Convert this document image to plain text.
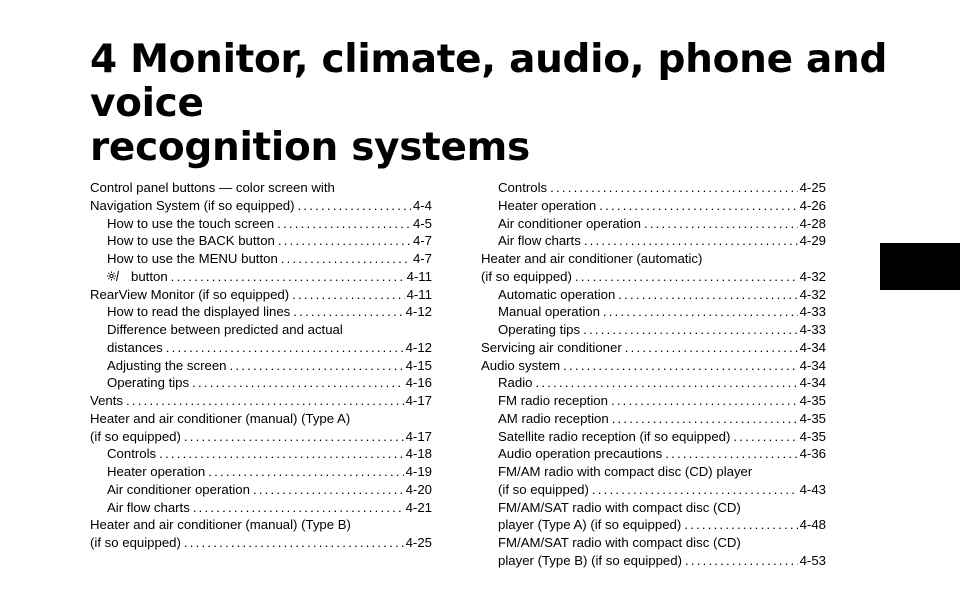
4 Monitor, climate, audio, phone and voice
recognition systems
Control panel buttons — color screen with
Navigation System (if so equipped) .....	4-4
How to use the touch screen .....	4-5
How to use the BACK button .....	4-7
How to use the MENU button .....	4-7
button .....	4-11
RearView Monitor (if so equipped) .....	4-11
How to read the displayed lines .....	4-12
Difference between predicted and actual
distances .....	4-12
Adjusting the screen .....	4-15
Operating tips .....	4-16
Vents .....	4-17
Heater and air conditioner (manual) (Type A)
(if so equipped) .....	4-17
Controls .....	4-18
Heater operation .....	4-19
Air conditioner operation .....	4-20
Air flow charts .....	4-21
Heater and air conditioner (manual) (Type B)
(if so equipped) .....	4-25
Controls .....	4-25
Heater operation .....	4-26
Air conditioner operation .....	4-28
Air flow charts .....	4-29
Heater and air conditioner (automatic)
(if so equipped) .....	4-32
Automatic operation .....	4-32
Manual operation .....	4-33
Operating tips .....	4-33
Servicing air conditioner .....	4-34
Audio system .....	4-34
Radio .....	4-34
FM radio reception .....	4-35
AM radio reception .....	4-35
Satellite radio reception (if so equipped) .....	4-35
Audio operation precautions .....	4-36
FM/AM radio with compact disc (CD) player
(if so equipped) .....	4-43
FM/AM/SAT radio with compact disc (CD)
player (Type A) (if so equipped) .....	4-48
FM/AM/SAT radio with compact disc (CD)
player (Type B) (if so equipped) .....	4-53
